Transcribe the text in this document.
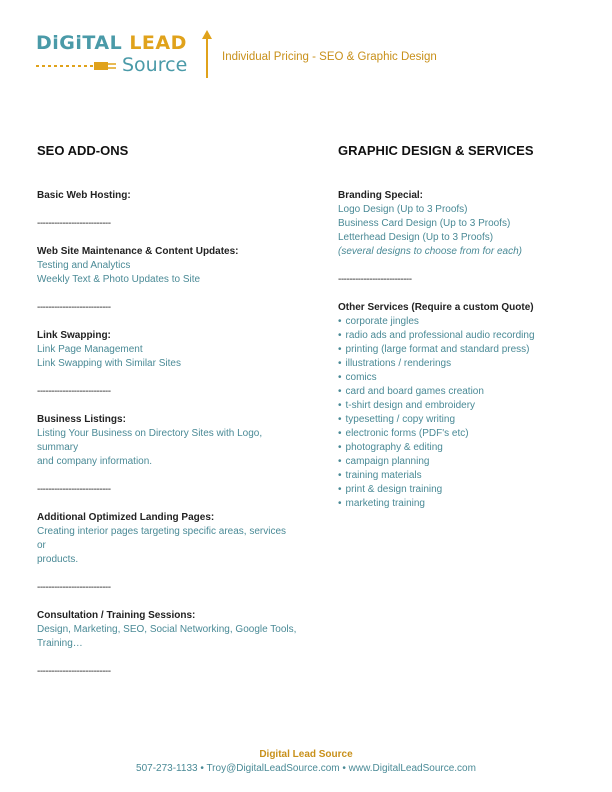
DiGiTAL LEAD
Source	Individual Pricing - SEO & Graphic Design
SEO ADD-ONS
Basic Web Hosting:
--------------------------
Web Site Maintenance & Content Updates:
Testing and Analytics
Weekly Text & Photo Updates to Site
--------------------------
Link Swapping:
Link Page Management
Link Swapping with Similar Sites
--------------------------
Business Listings:
Listing Your Business on Directory Sites with Logo, summary
and company information.
--------------------------
Additional Optimized Landing Pages:
Creating interior pages targeting specific areas, services or
products.
--------------------------
Consultation / Training Sessions:
Design, Marketing, SEO, Social Networking, Google Tools,
Training…
--------------------------
GRAPHIC DESIGN & SERVICES
Branding Special:
Logo Design (Up to 3 Proofs)
Business Card Design (Up to 3 Proofs)
Letterhead Design (Up to 3 Proofs)
(several designs to choose from for each)
--------------------------
Other Services (Require a custom Quote)
• corporate jingles
• radio ads and professional audio recording
• printing (large format and standard press)
• illustrations / renderings
• comics
• card and board games creation
• t-shirt design and embroidery
• typesetting / copy writing
• electronic forms (PDF's etc)
• photography & editing
• campaign planning
• training materials
• print & design training
• marketing training
Digital Lead Source
507-273-1133 • Troy@DigitalLeadSource.com • www.DigitalLeadSource.com
